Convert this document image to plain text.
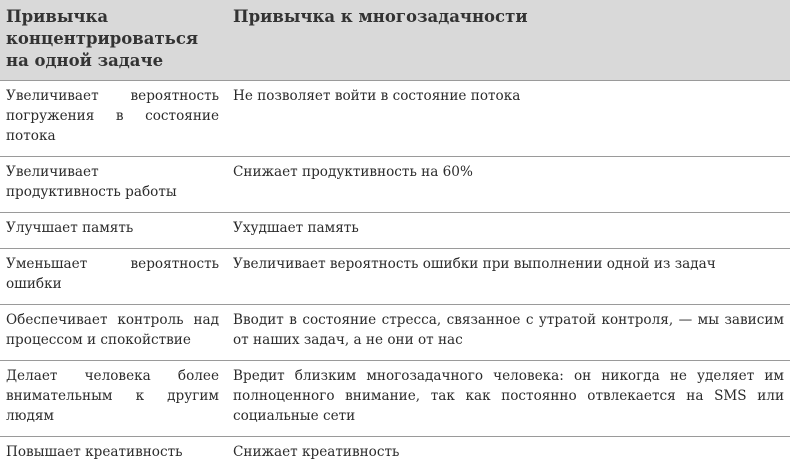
Привычка концентрироваться на одной задаче	Привычка к многозадачности
Увеличивает вероятность погружения в состояние потока	Не позволяет войти в состояние потока
Увеличивает продуктивность работы	Снижает продуктивность на 60%
Улучшает память	Ухудшает память
Уменьшает вероятность ошибки	Увеличивает вероятность ошибки при выполнении одной из задач
Обеспечивает контроль над процессом и спокойствие	Вводит в состояние стресса, связанное с утратой контроля, — мы зависим от наших задач, а не они от нас
Делает человека более внимательным к другим людям	Вредит близким многозадачного человека: он никогда не уделяет им полноценного внимание, так как постоянно отвлекается на SMS или социальные сети
Повышает креативность	Снижает креативность
